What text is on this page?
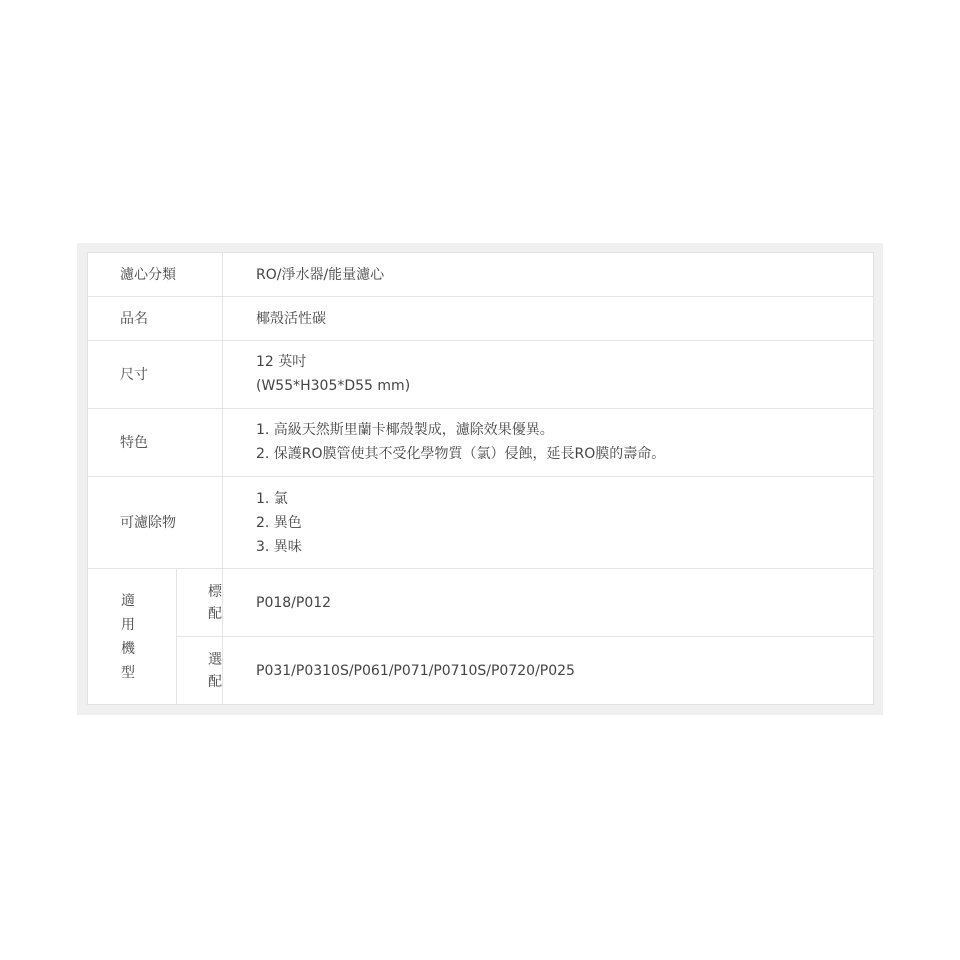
濾心分類	RO/淨水器/能量濾心
品名	椰殼活性碳
尺寸
12 英吋
(W55*H305*D55 mm)
特色
1. 高級天然斯里蘭卡椰殼製成，濾除效果優異。
2. 保護RO膜管使其不受化學物質（氯）侵蝕，延長RO膜的壽命。
可濾除物
1. 氯
2. 異色
3. 異味
適
用
機
型
標
配
P018/P012
選
配
P031/P0310S/P061/P071/P0710S/P0720/P025
